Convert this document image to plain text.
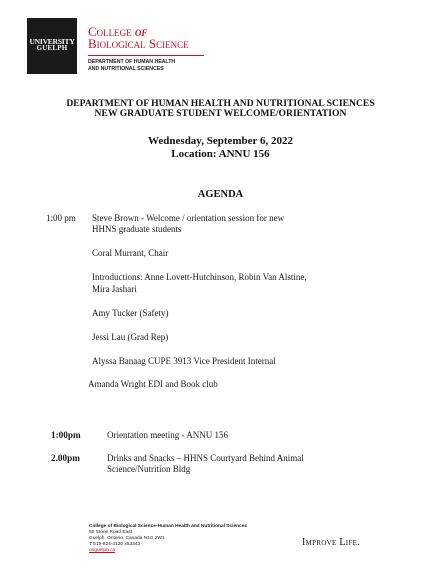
UNIVERSITY
GUELPH
College of
Biological Science
DEPARTMENT OF HUMAN HEALTH
AND NUTRITIONAL SCIENCES
DEPARTMENT OF HUMAN HEALTH AND NUTRITIONAL SCIENCES
NEW GRADUATE STUDENT WELCOME/ORIENTATION
Wednesday, September 6, 2022
Location: ANNU 156
AGENDA
1:00 pm Steve Brown - Welcome / orientation session for new
HHNS graduate students
Coral Murrant, Chair
Introductions: Anne Lovett-Hutchinson, Robin Van Alstine,
Mira Jashari
Amy Tucker (Safety)
Jessi Lau (Grad Rep)
Alyssa Banaag CUPE 3913 Vice President Internal
Amanda Wright EDI and Book club
1:00pm	Orientation meeting - ANNU 156
2.00pm	Drinks and Snacks – HHNS Courtyard Behind Animal
Science/Nutrition Bldg
College of Biological Science-Human Health and Nutritional Sciences
50 Stone Road East
Guelph, Ontario, Canada N1G 2W1
T 519-824-4120 x53343
uoguelph.ca
Improve Life.
